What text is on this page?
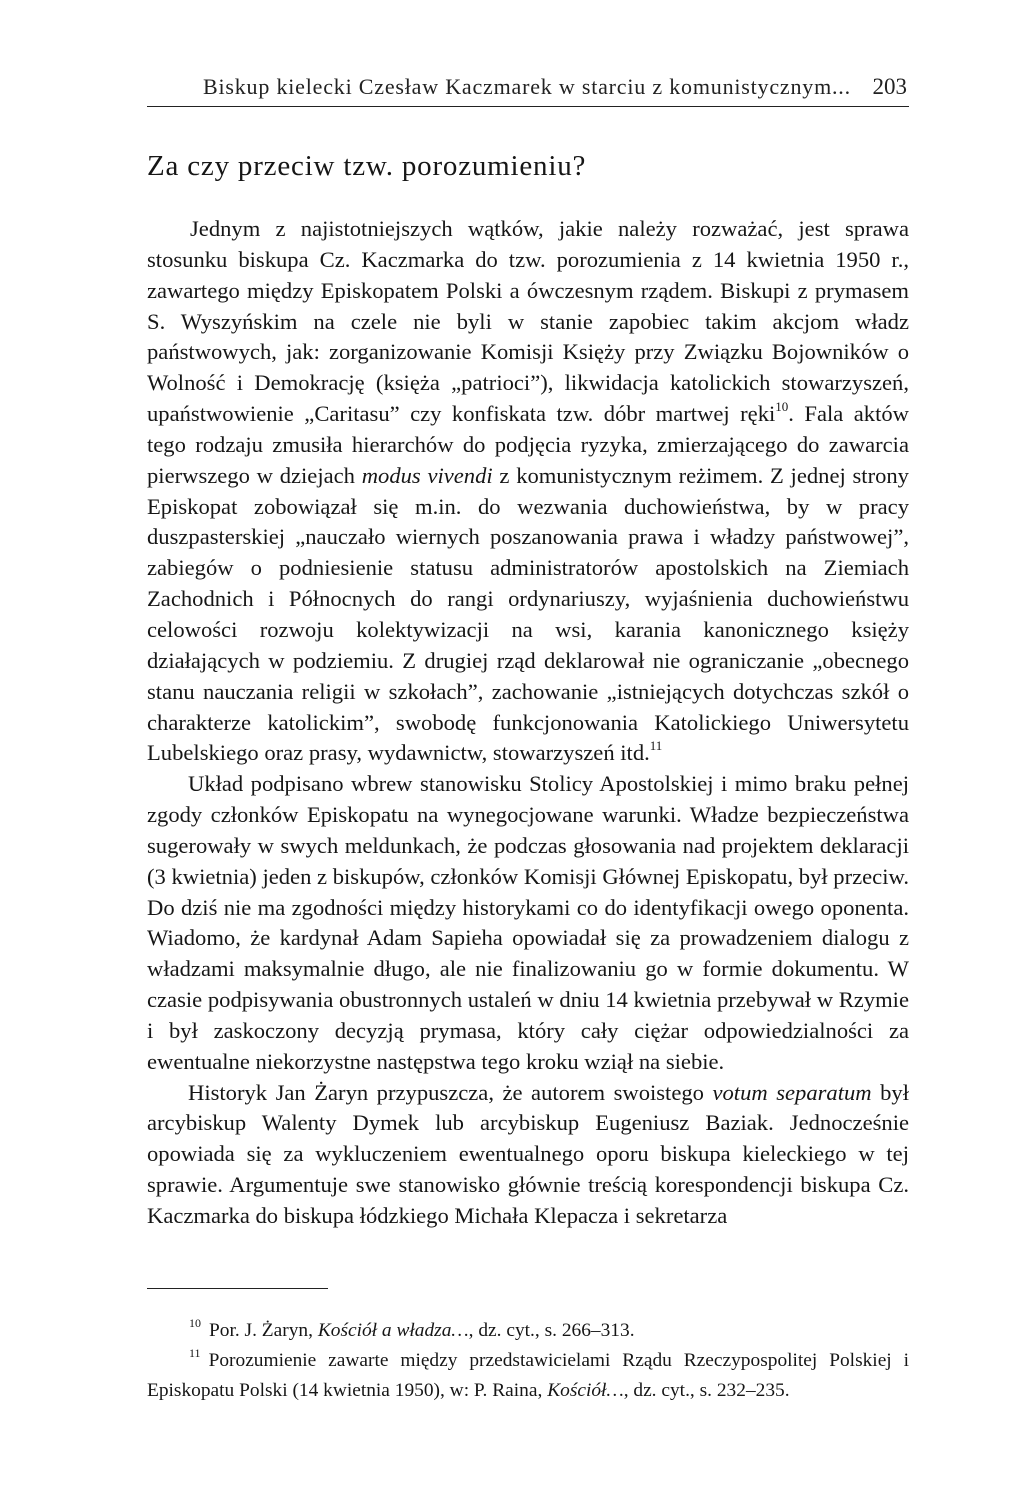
Biskup kielecki Czesław Kaczmarek w starciu z komunistycznym... 203
Za czy przeciw tzw. porozumieniu?

Jednym z najistotniejszych wątków, jakie należy rozważać, jest sprawa stosunku biskupa Cz. Kaczmarka do tzw. porozumienia z 14 kwietnia 1950 r., zawartego między Episkopatem Polski a ówczesnym rządem. Biskupi z prymasem S. Wyszyńskim na czele nie byli w stanie zapobiec takim akcjom władz państwowych, jak: zorganizowanie Komisji Księży przy Związku Bojowników o Wolność i Demokrację (księża „patrioci”), likwidacja katolickich stowarzyszeń, upaństwowienie „Caritasu” czy konfiskata tzw. dóbr martwej ręki$^{10}$. Fala aktów tego rodzaju zmusiła hierarchów do podjęcia ryzyka, zmierzającego do zawarcia pierwszego w dziejach modus vivendi z komunistycznym reżimem. Z jednej strony Episkopat zobowiązał się m.in. do wezwania duchowieństwa, by w pracy duszpasterskiej „nauczało wiernych poszanowania prawa i władzy państwowej”, zabiegów o podniesienie statusu administratorów apostolskich na Ziemiach Zachodnich i Północnych do rangi ordynariuszy, wyjaśnienia duchowieństwu celowości rozwoju kolektywizacji na wsi, karania kanonicznego księży działających w podziemiu. Z drugiej rząd deklarował nie ograniczanie „obecnego stanu nauczania religii w szkołach”, zachowanie „istniejących dotychczas szkół o charakterze katolickim”, swobodę funkcjonowania Katolickiego Uniwersytetu Lubelskiego oraz prasy, wydawnictw, stowarzyszeń itd.$^{11}$

Układ podpisano wbrew stanowisku Stolicy Apostolskiej i mimo braku pełnej zgody członków Episkopatu na wynegocjowane warunki. Władze bezpieczeństwa sugerowały w swych meldunkach, że podczas głosowania nad projektem deklaracji (3 kwietnia) jeden z biskupów, członków Komisji Głównej Episkopatu, był przeciw. Do dziś nie ma zgodności między historykami co do identyfikacji owego oponenta. Wiadomo, że kardynał Adam Sapieha opowiadał się za prowadzeniem dialogu z władzami maksymalnie długo, ale nie finalizowaniu go w formie dokumentu. W czasie podpisywania obustronnych ustaleń w dniu 14 kwietnia przebywał w Rzymie i był zaskoczony decyzją prymasa, który cały ciężar odpowiedzialności za ewentualne niekorzystne następstwa tego kroku wziął na siebie.

Historyk Jan Żaryn przypuszcza, że autorem swoistego votum separatum był arcybiskup Walenty Dymek lub arcybiskup Eugeniusz Baziak. Jednocześnie opowiada się za wykluczeniem ewentualnego oporu biskupa kieleckiego w tej sprawie. Argumentuje swe stanowisko głównie treścią korespondencji biskupa Cz. Kaczmarka do biskupa łódzkiego Michała Klepacza i sekretarza

$^{10}$ Por. J. Żaryn, Kościół a władza…, dz. cyt., s. 266–313.

$^{11}$ Porozumienie zawarte między przedstawicielami Rządu Rzeczypospolitej Polskiej i Episkopatu Polski (14 kwietnia 1950), w: P. Raina, Kościół…, dz. cyt., s. 232–235.
